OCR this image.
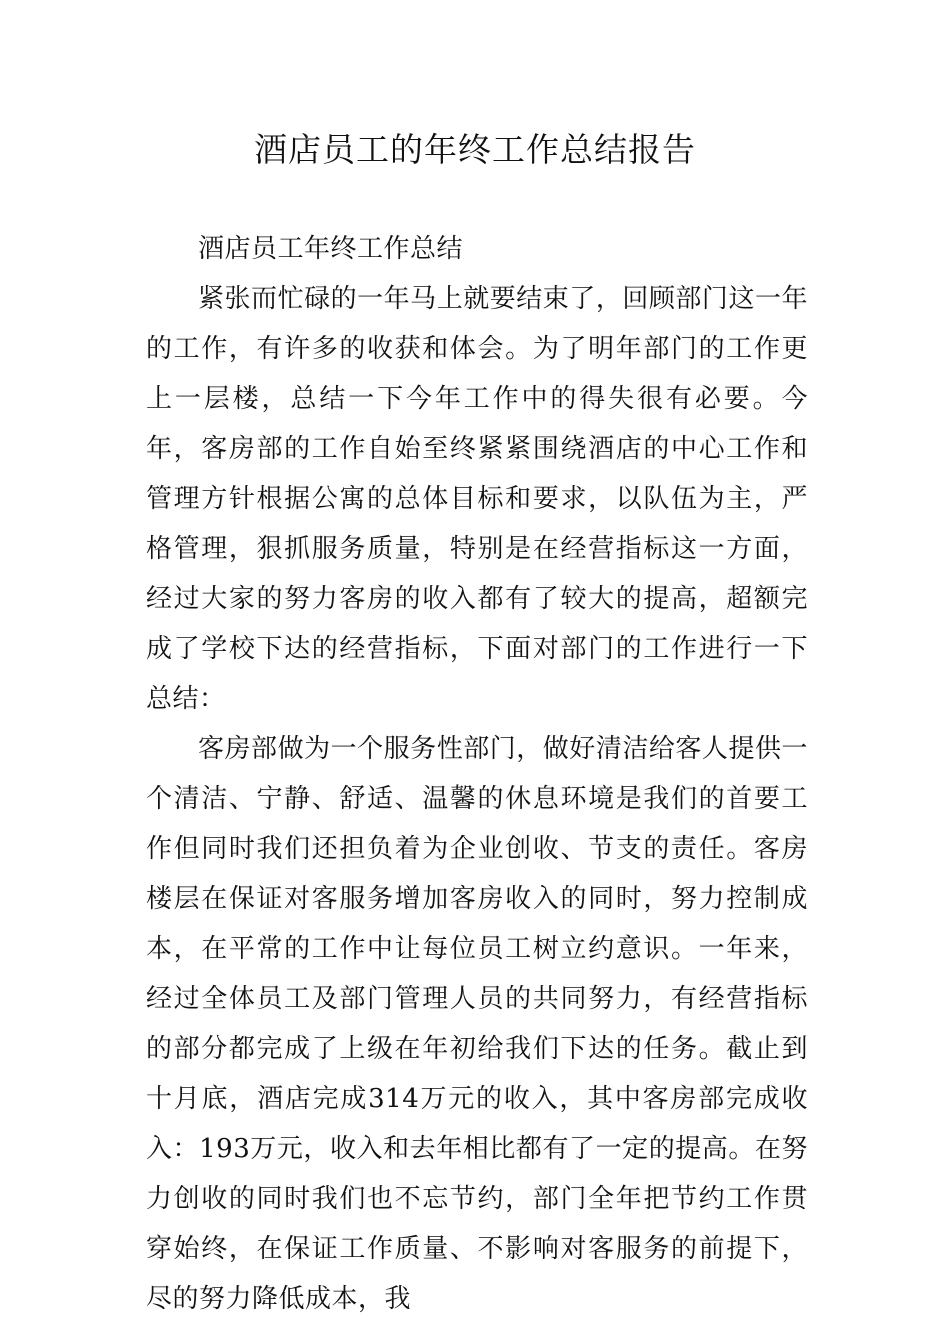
酒店员工的年终工作总结报告

酒店员工年终工作总结

紧张而忙碌的一年马上就要结束了，回顾部门这一年的工作，有许多的收获和体会。为了明年部门的工作更上一层楼，总结一下今年工作中的得失很有必要。今年，客房部的工作自始至终紧紧围绕酒店的中心工作和管理方针根据公寓的总体目标和要求，以队伍为主，严格管理，狠抓服务质量，特别是在经营指标这一方面，经过大家的努力客房的收入都有了较大的提高，超额完成了学校下达的经营指标，下面对部门的工作进行一下总结：

客房部做为一个服务性部门，做好清洁给客人提供一个清洁、宁静、舒适、温馨的休息环境是我们的首要工作但同时我们还担负着为企业创收、节支的责任。客房楼层在保证对客服务增加客房收入的同时，努力控制成本，在平常的工作中让每位员工树立约意识。一年来，经过全体员工及部门管理人员的共同努力，有经营指标的部分都完成了上级在年初给我们下达的任务。截止到十月底，酒店完成314万元的收入，其中客房部完成收入：193万元，收入和去年相比都有了一定的提高。在努力创收的同时我们也不忘节约，部门全年把节约工作贯穿始终，在保证工作质量、不影响对客服务的前提下，尽的努力降低成本，我
